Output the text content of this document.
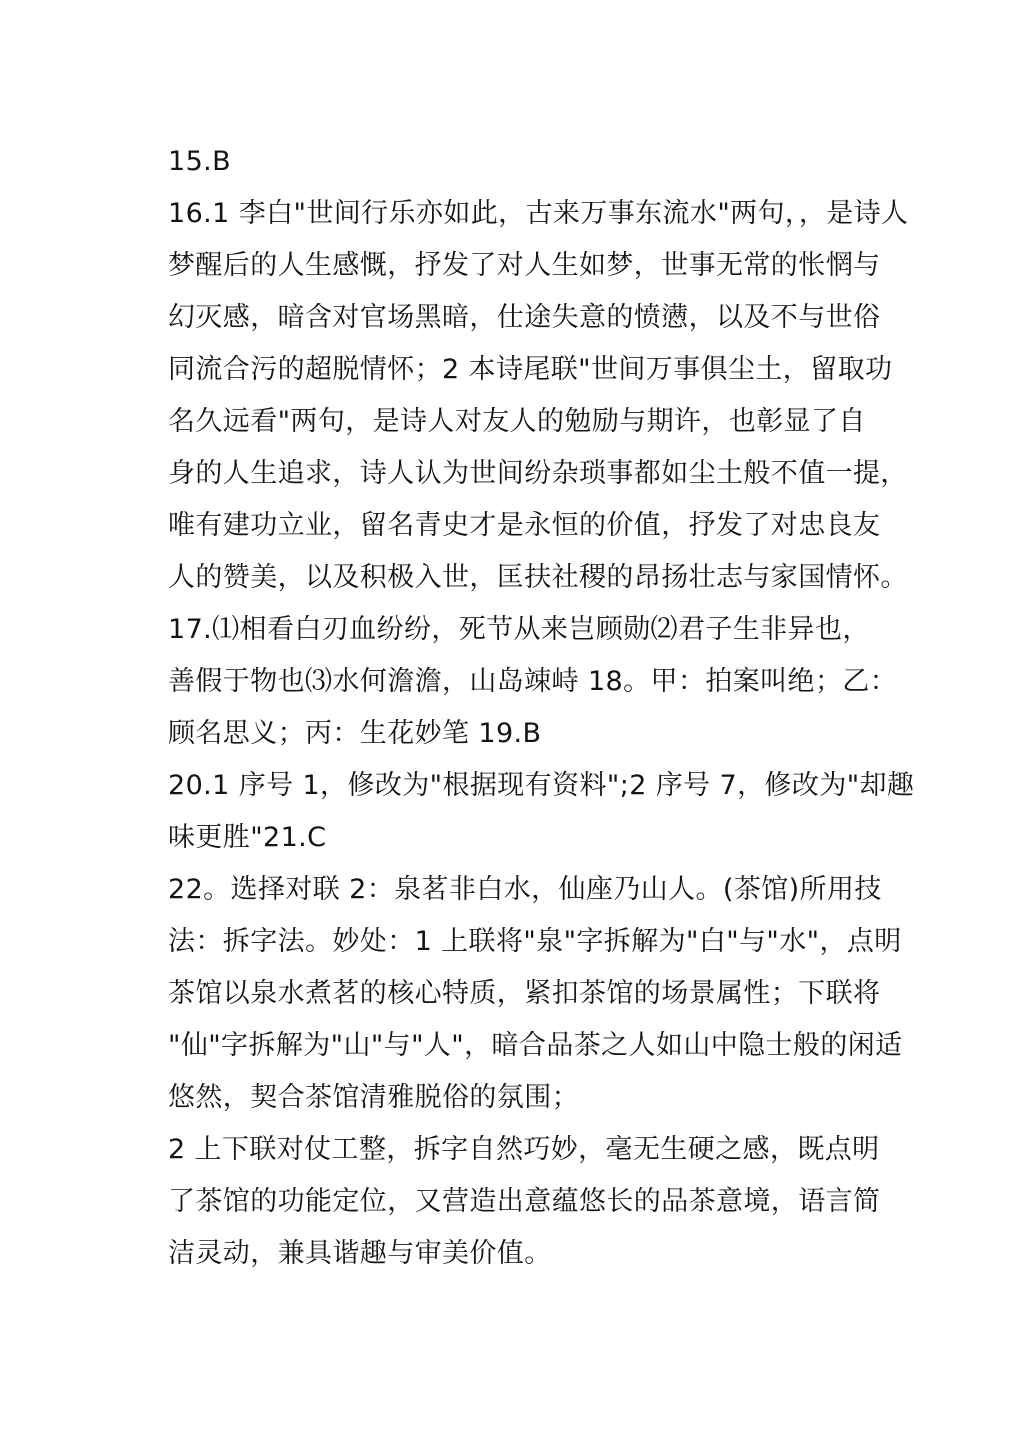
15.B
16.1 李白"世间行乐亦如此，古来万事东流水"两句，，是诗人
梦醒后的人生感慨，抒发了对人生如梦，世事无常的怅惘与
幻灭感，暗含对官场黑暗，仕途失意的愤懑，以及不与世俗
同流合污的超脱情怀；2 本诗尾联"世间万事俱尘土，留取功
名久远看"两句，是诗人对友人的勉励与期许，也彰显了自
身的人生追求，诗人认为世间纷杂琐事都如尘土般不值一提，
唯有建功立业，留名青史才是永恒的价值，抒发了对忠良友
人的赞美，以及积极入世，匡扶社稷的昂扬壮志与家国情怀。
17.⑴相看白刃血纷纷，死节从来岂顾勋⑵君子生非异也，
善假于物也⑶水何澹澹，山岛竦峙 18。甲：拍案叫绝；乙：
顾名思义；丙：生花妙笔 19.B
20.1 序号 1，修改为"根据现有资料";2 序号 7，修改为"却趣
味更胜"21.C
22。选择对联 2：泉茗非白水，仙座乃山人。(茶馆)所用技
法：拆字法。妙处：1 上联将"泉"字拆解为"白"与"水"，点明
茶馆以泉水煮茗的核心特质，紧扣茶馆的场景属性；下联将
"仙"字拆解为"山"与"人"，暗合品茶之人如山中隐士般的闲适
悠然，契合茶馆清雅脱俗的氛围；
2 上下联对仗工整，拆字自然巧妙，毫无生硬之感，既点明
了茶馆的功能定位，又营造出意蕴悠长的品茶意境，语言简
洁灵动，兼具谐趣与审美价值。
